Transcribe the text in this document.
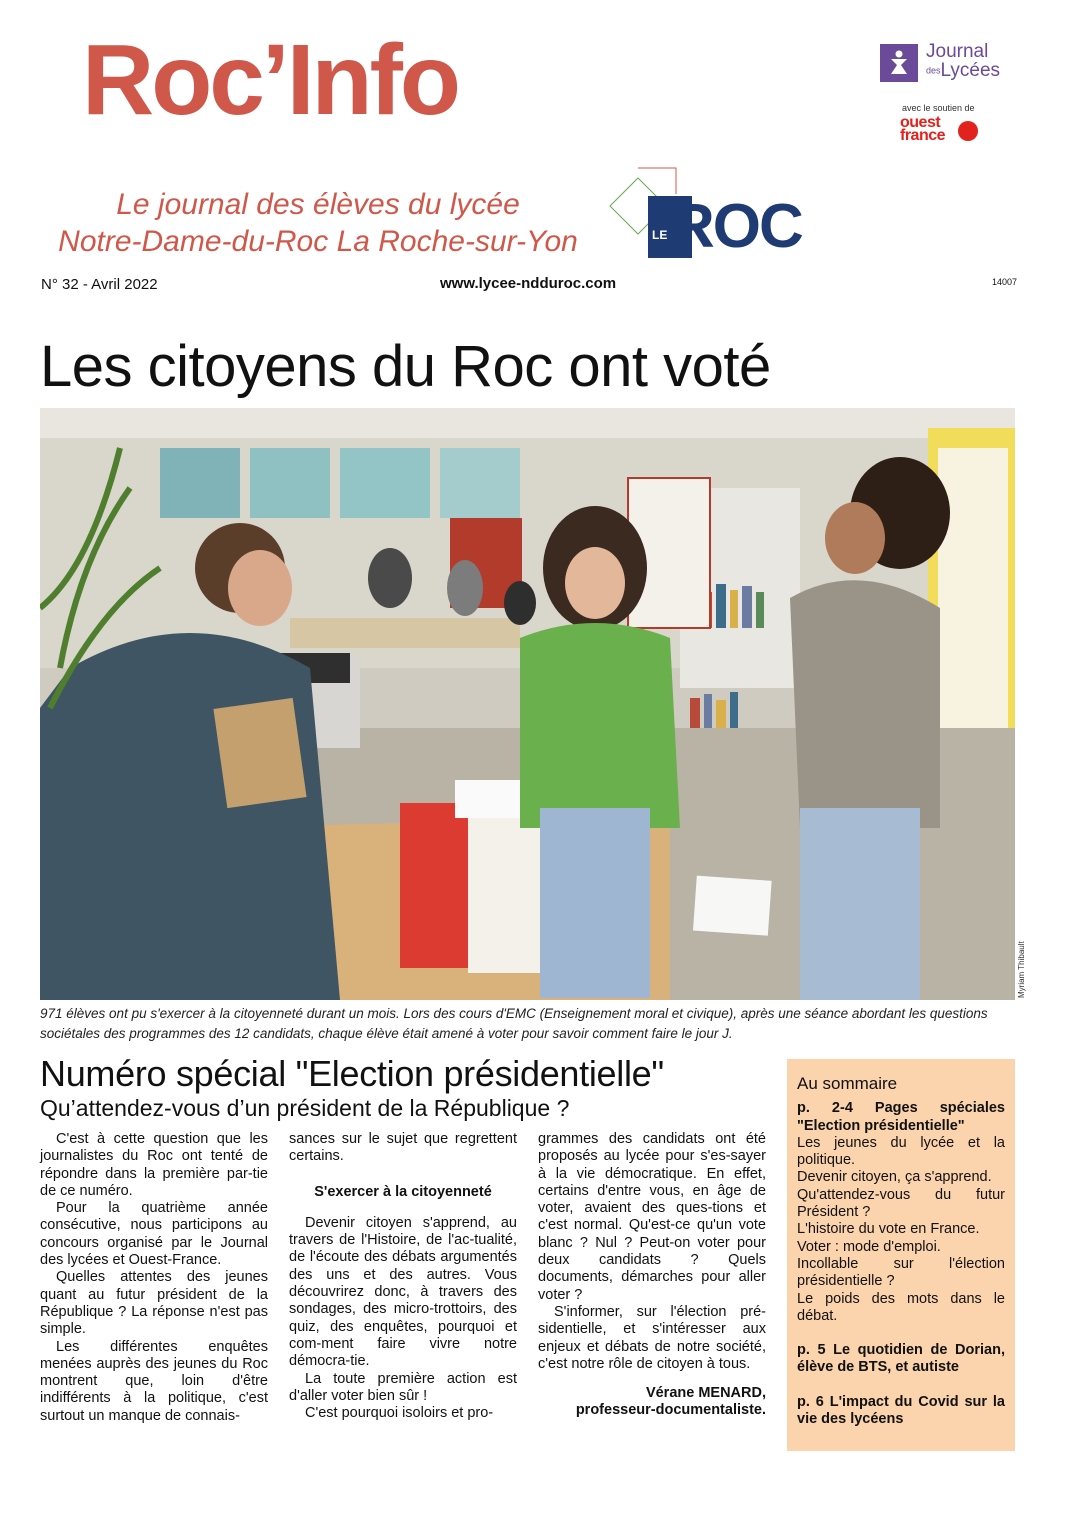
Roc’Info
Le journal des élèves du lycée
Notre-Dame-du-Roc La Roche-sur-Yon
Journal
desLycées
avec le soutien de
ouest
france
LE ROC
N° 32 - Avril 2022	www.lycee-ndduroc.com	14007
Les citoyens du Roc ont voté
Myriam Thibault
971 élèves ont pu s'exercer à la citoyenneté durant un mois. Lors des cours d'EMC (Enseignement moral et civique), après une séance abordant les questions sociétales des programmes des 12 candidats, chaque élève était amené à voter pour savoir comment faire le jour J.
Numéro spécial "Election présidentielle"
Qu’attendez-vous d’un président de la République ?

C'est à cette question que les journalistes du Roc ont tenté de répondre dans la première par-tie de ce numéro.

Pour la quatrième année consécutive, nous participons au concours organisé par le Journal des lycées et Ouest-France.

Quelles attentes des jeunes quant au futur président de la République ? La réponse n'est pas simple.

Les différentes enquêtes menées auprès des jeunes du Roc montrent que, loin d'être indifférents à la politique, c'est surtout un manque de connais-

sances sur le sujet que regrettent certains.

S'exercer à la citoyenneté

Devenir citoyen s'apprend, au travers de l'Histoire, de l'ac-tualité, de l'écoute des débats argumentés des uns et des autres. Vous découvrirez donc, à travers des sondages, des micro-trottoirs, des quiz, des enquêtes, pourquoi et com-ment faire vivre notre démocra-tie.

La toute première action est d'aller voter bien sûr !

C'est pourquoi isoloirs et pro-

grammes des candidats ont été proposés au lycée pour s'es-sayer à la vie démocratique. En effet, certains d'entre vous, en âge de voter, avaient des ques-tions et c'est normal. Qu'est-ce qu'un vote blanc ? Nul ? Peut-on voter pour deux candidats ? Quels documents, démarches pour aller voter ?

S'informer, sur l'élection pré-sidentielle, et s'intéresser aux enjeux et débats de notre société, c'est notre rôle de citoyen à tous.

Vérane MENARD,
professeur-documentaliste.

Au sommaire
p. 2-4 Pages spéciales "Election présidentielle"
Les jeunes du lycée et la politique.
Devenir citoyen, ça s'apprend.
Qu'attendez-vous du futur Président ?
L'histoire du vote en France.
Voter : mode d'emploi.
Incollable sur l'élection présidentielle ?
Le poids des mots dans le débat.
p. 5 Le quotidien de Dorian, élève de BTS, et autiste
p. 6 L'impact du Covid sur la vie des lycéens
